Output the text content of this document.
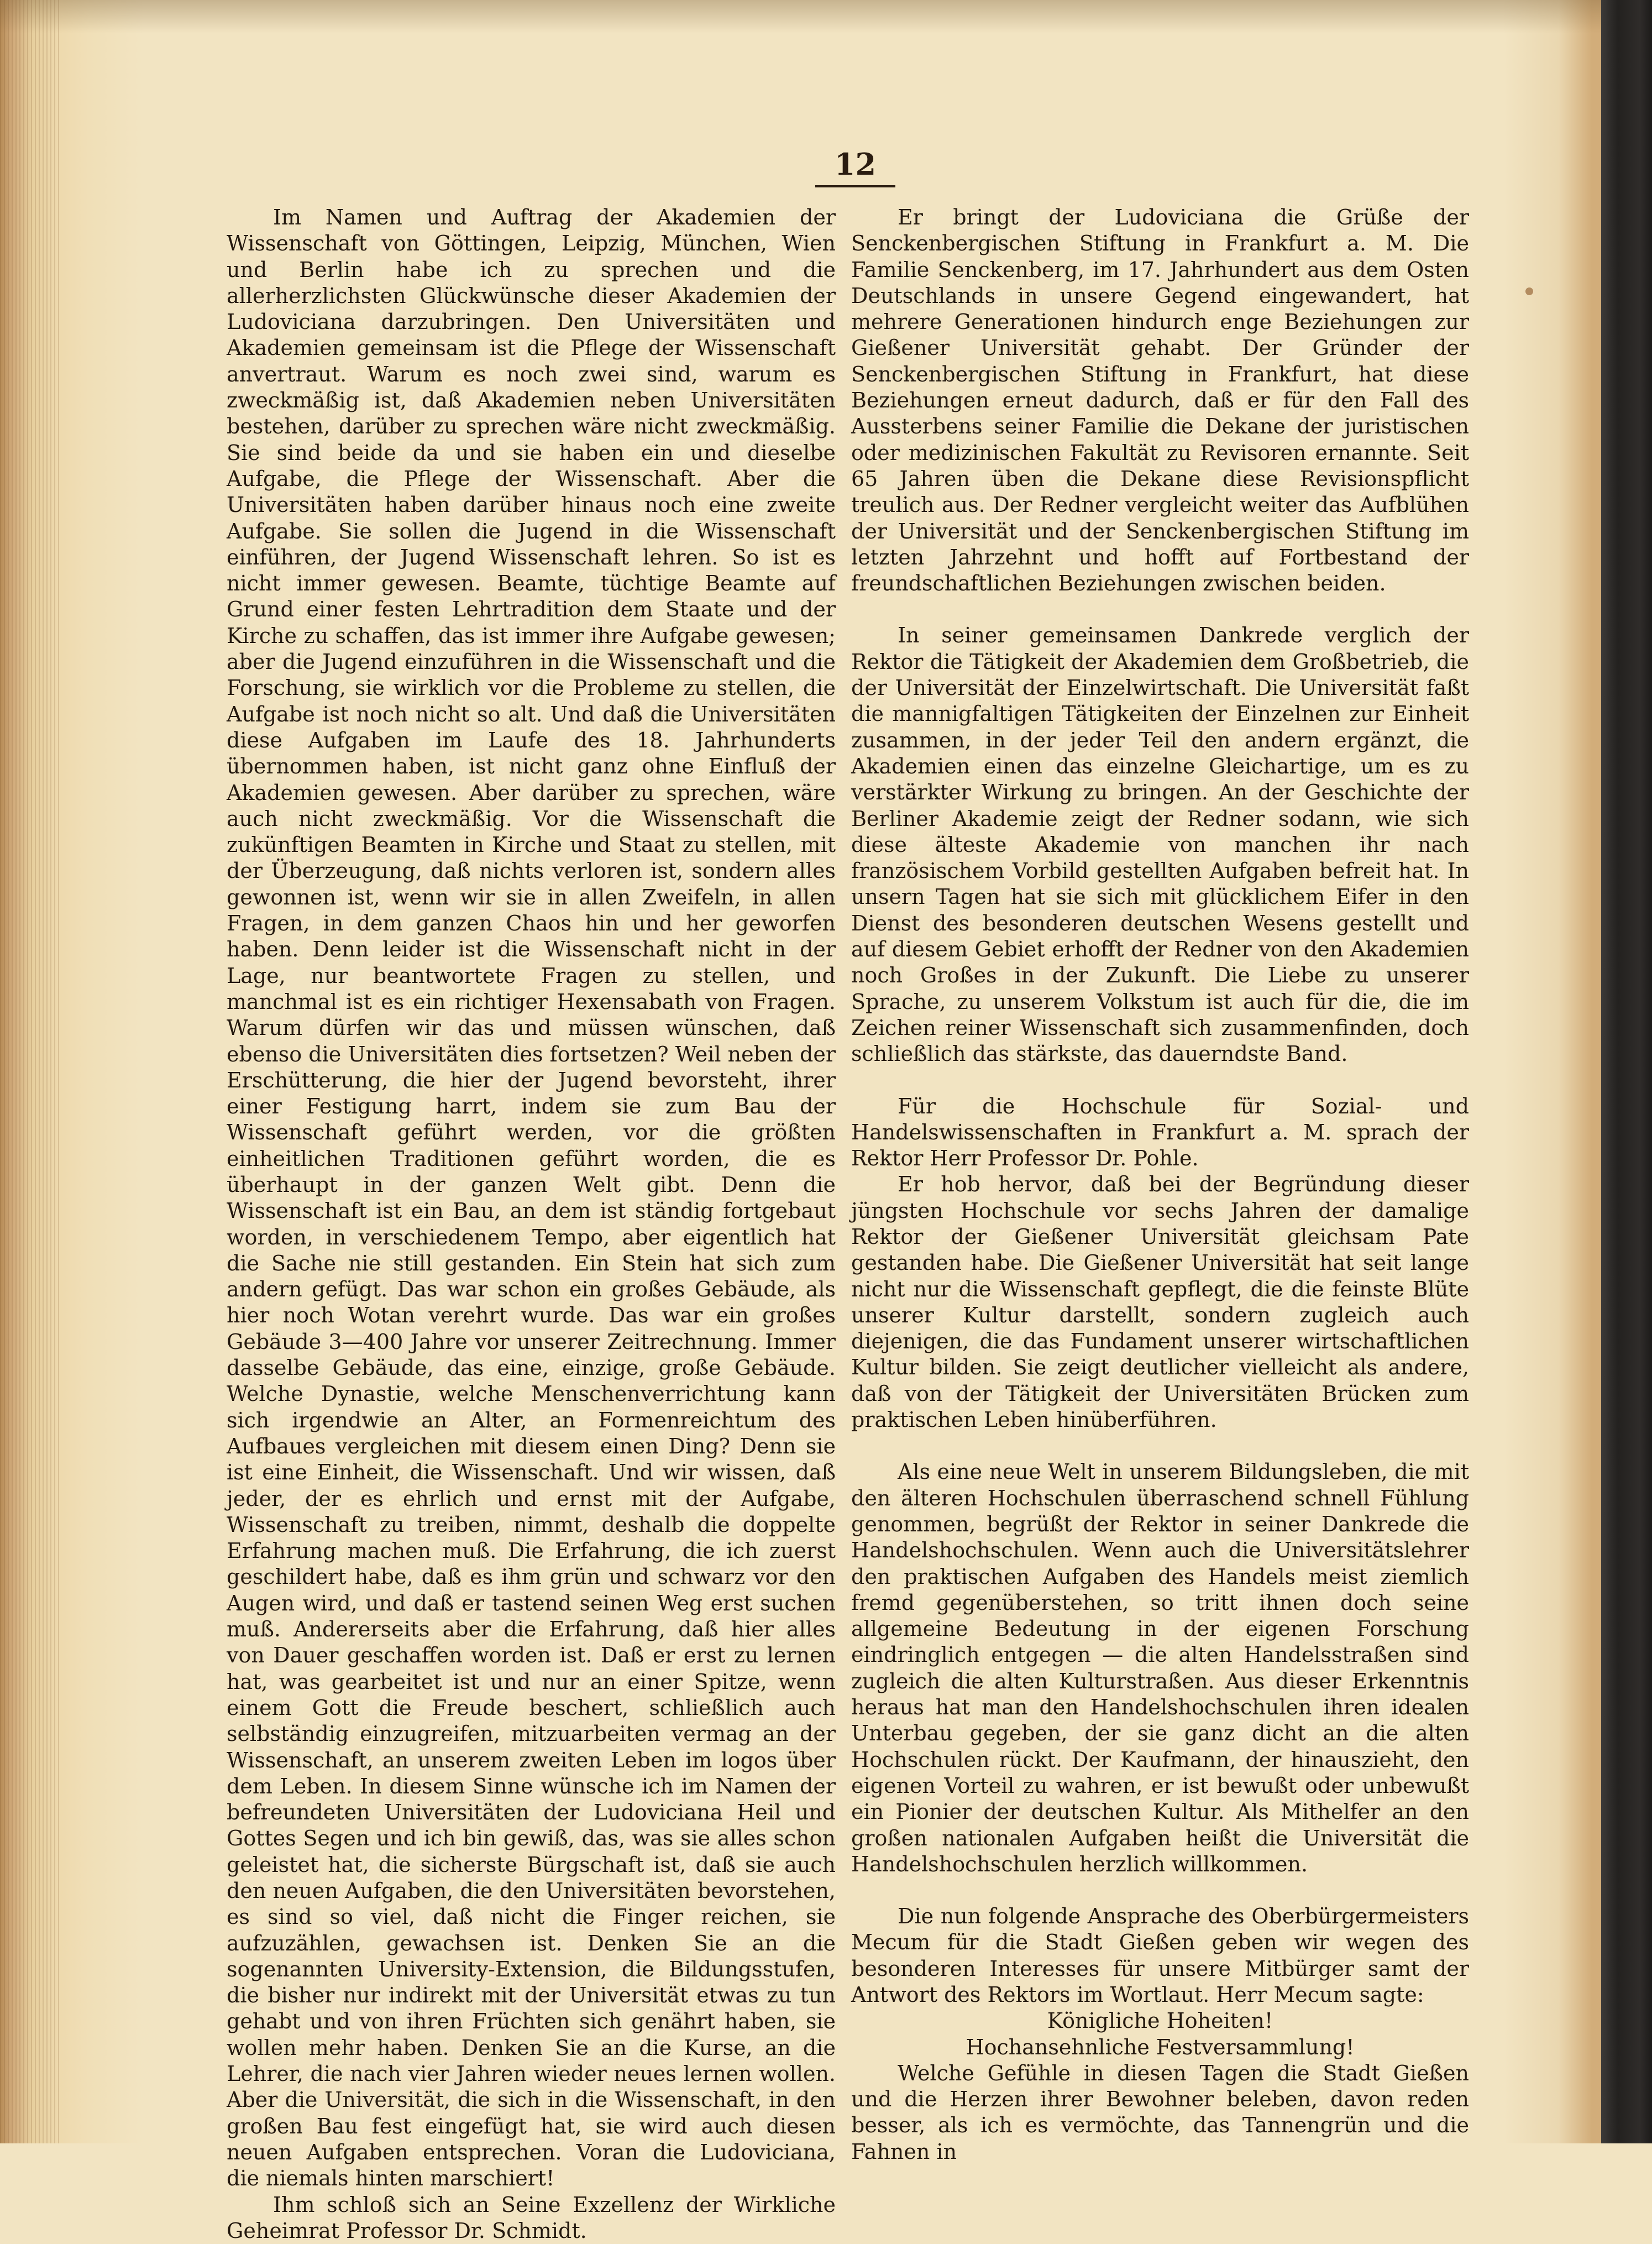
12

Im Namen und Auftrag der Akademien der Wissenschaft von Göttingen, Leipzig, München, Wien und Berlin habe ich zu sprechen und die allerherzlichsten Glückwünsche dieser Akademien der Ludoviciana darzubringen. Den Universitäten und Akademien gemeinsam ist die Pflege der Wissenschaft anvertraut. Warum es noch zwei sind, warum es zweckmäßig ist, daß Akademien neben Universitäten bestehen, darüber zu sprechen wäre nicht zweckmäßig. Sie sind beide da und sie haben ein und dieselbe Aufgabe, die Pflege der Wissenschaft. Aber die Universitäten haben darüber hinaus noch eine zweite Aufgabe. Sie sollen die Jugend in die Wissenschaft einführen, der Jugend Wissenschaft lehren. So ist es nicht immer gewesen. Beamte, tüchtige Beamte auf Grund einer festen Lehrtradition dem Staate und der Kirche zu schaffen, das ist immer ihre Aufgabe gewesen; aber die Jugend einzuführen in die Wissenschaft und die Forschung, sie wirklich vor die Probleme zu stellen, die Aufgabe ist noch nicht so alt. Und daß die Universitäten diese Aufgaben im Laufe des 18. Jahrhunderts übernommen haben, ist nicht ganz ohne Einfluß der Akademien gewesen. Aber darüber zu sprechen, wäre auch nicht zweckmäßig. Vor die Wissenschaft die zukünftigen Beamten in Kirche und Staat zu stellen, mit der Überzeugung, daß nichts verloren ist, sondern alles gewonnen ist, wenn wir sie in allen Zweifeln, in allen Fragen, in dem ganzen Chaos hin und her geworfen haben. Denn leider ist die Wissenschaft nicht in der Lage, nur beantwortete Fragen zu stellen, und manchmal ist es ein richtiger Hexensabath von Fragen. Warum dürfen wir das und müssen wünschen, daß ebenso die Universitäten dies fortsetzen? Weil neben der Erschütterung, die hier der Jugend bevorsteht, ihrer einer Festigung harrt, indem sie zum Bau der Wissenschaft geführt werden, vor die größten einheitlichen Traditionen geführt worden, die es überhaupt in der ganzen Welt gibt. Denn die Wissenschaft ist ein Bau, an dem ist ständig fortgebaut worden, in verschiedenem Tempo, aber eigentlich hat die Sache nie still gestanden. Ein Stein hat sich zum andern gefügt. Das war schon ein großes Gebäude, als hier noch Wotan verehrt wurde. Das war ein großes Gebäude 3—400 Jahre vor unserer Zeitrechnung. Immer dasselbe Gebäude, das eine, einzige, große Gebäude. Welche Dynastie, welche Menschenverrichtung kann sich irgendwie an Alter, an Formenreichtum des Aufbaues vergleichen mit diesem einen Ding? Denn sie ist eine Einheit, die Wissenschaft. Und wir wissen, daß jeder, der es ehrlich und ernst mit der Aufgabe, Wissenschaft zu treiben, nimmt, deshalb die doppelte Erfahrung machen muß. Die Erfahrung, die ich zuerst geschildert habe, daß es ihm grün und schwarz vor den Augen wird, und daß er tastend seinen Weg erst suchen muß. Andererseits aber die Erfahrung, daß hier alles von Dauer geschaffen worden ist. Daß er erst zu lernen hat, was gearbeitet ist und nur an einer Spitze, wenn einem Gott die Freude beschert, schließlich auch selbständig einzugreifen, mitzuarbeiten vermag an der Wissenschaft, an unserem zweiten Leben im logos über dem Leben. In diesem Sinne wünsche ich im Namen der befreundeten Universitäten der Ludoviciana Heil und Gottes Segen und ich bin gewiß, das, was sie alles schon geleistet hat, die sicherste Bürgschaft ist, daß sie auch den neuen Aufgaben, die den Universitäten bevorstehen, es sind so viel, daß nicht die Finger reichen, sie aufzuzählen, gewachsen ist. Denken Sie an die sogenannten University-Extension, die Bildungsstufen, die bisher nur indirekt mit der Universität etwas zu tun gehabt und von ihren Früchten sich genährt haben, sie wollen mehr haben. Denken Sie an die Kurse, an die Lehrer, die nach vier Jahren wieder neues lernen wollen. Aber die Universität, die sich in die Wissenschaft, in den großen Bau fest eingefügt hat, sie wird auch diesen neuen Aufgaben entsprechen. Voran die Ludoviciana, die niemals hinten marschiert!

Ihm schloß sich an Seine Exzellenz der Wirkliche Geheimrat Professor Dr. Schmidt.

Er bringt der Ludoviciana die Grüße der Senckenbergischen Stiftung in Frankfurt a. M. Die Familie Senckenberg, im 17. Jahrhundert aus dem Osten Deutschlands in unsere Gegend eingewandert, hat mehrere Generationen hindurch enge Beziehungen zur Gießener Universität gehabt. Der Gründer der Senckenbergischen Stiftung in Frankfurt, hat diese Beziehungen erneut dadurch, daß er für den Fall des Aussterbens seiner Familie die Dekane der juristischen oder medizinischen Fakultät zu Revisoren ernannte. Seit 65 Jahren üben die Dekane diese Revisionspflicht treulich aus. Der Redner vergleicht weiter das Aufblühen der Universität und der Senckenbergischen Stiftung im letzten Jahrzehnt und hofft auf Fortbestand der freundschaftlichen Beziehungen zwischen beiden.

In seiner gemeinsamen Dankrede verglich der Rektor die Tätigkeit der Akademien dem Großbetrieb, die der Universität der Einzelwirtschaft. Die Universität faßt die mannigfaltigen Tätigkeiten der Einzelnen zur Einheit zusammen, in der jeder Teil den andern ergänzt, die Akademien einen das einzelne Gleichartige, um es zu verstärkter Wirkung zu bringen. An der Geschichte der Berliner Akademie zeigt der Redner sodann, wie sich diese älteste Akademie von manchen ihr nach französischem Vorbild gestellten Aufgaben befreit hat. In unsern Tagen hat sie sich mit glücklichem Eifer in den Dienst des besonderen deutschen Wesens gestellt und auf diesem Gebiet erhofft der Redner von den Akademien noch Großes in der Zukunft. Die Liebe zu unserer Sprache, zu unserem Volkstum ist auch für die, die im Zeichen reiner Wissenschaft sich zusammenfinden, doch schließlich das stärkste, das dauerndste Band.

Für die Hochschule für Sozial- und Handelswissenschaften in Frankfurt a. M. sprach der Rektor Herr Professor Dr. Pohle.

Er hob hervor, daß bei der Begründung dieser jüngsten Hochschule vor sechs Jahren der damalige Rektor der Gießener Universität gleichsam Pate gestanden habe. Die Gießener Universität hat seit lange nicht nur die Wissenschaft gepflegt, die die feinste Blüte unserer Kultur darstellt, sondern zugleich auch diejenigen, die das Fundament unserer wirtschaftlichen Kultur bilden. Sie zeigt deutlicher vielleicht als andere, daß von der Tätigkeit der Universitäten Brücken zum praktischen Leben hinüberführen.

Als eine neue Welt in unserem Bildungsleben, die mit den älteren Hochschulen überraschend schnell Fühlung genommen, begrüßt der Rektor in seiner Dankrede die Handelshochschulen. Wenn auch die Universitätslehrer den praktischen Aufgaben des Handels meist ziemlich fremd gegenüberstehen, so tritt ihnen doch seine allgemeine Bedeutung in der eigenen Forschung eindringlich entgegen — die alten Handelsstraßen sind zugleich die alten Kulturstraßen. Aus dieser Erkenntnis heraus hat man den Handelshochschulen ihren idealen Unterbau gegeben, der sie ganz dicht an die alten Hochschulen rückt. Der Kaufmann, der hinauszieht, den eigenen Vorteil zu wahren, er ist bewußt oder unbewußt ein Pionier der deutschen Kultur. Als Mithelfer an den großen nationalen Aufgaben heißt die Universität die Handelshochschulen herzlich willkommen.

Die nun folgende Ansprache des Oberbürgermeisters Mecum für die Stadt Gießen geben wir wegen des besonderen Interesses für unsere Mitbürger samt der Antwort des Rektors im Wortlaut. Herr Mecum sagte:

Königliche Hoheiten!

Hochansehnliche Festversammlung!

Welche Gefühle in diesen Tagen die Stadt Gießen und die Herzen ihrer Bewohner beleben, davon reden besser, als ich es vermöchte, das Tannengrün und die Fahnen in
